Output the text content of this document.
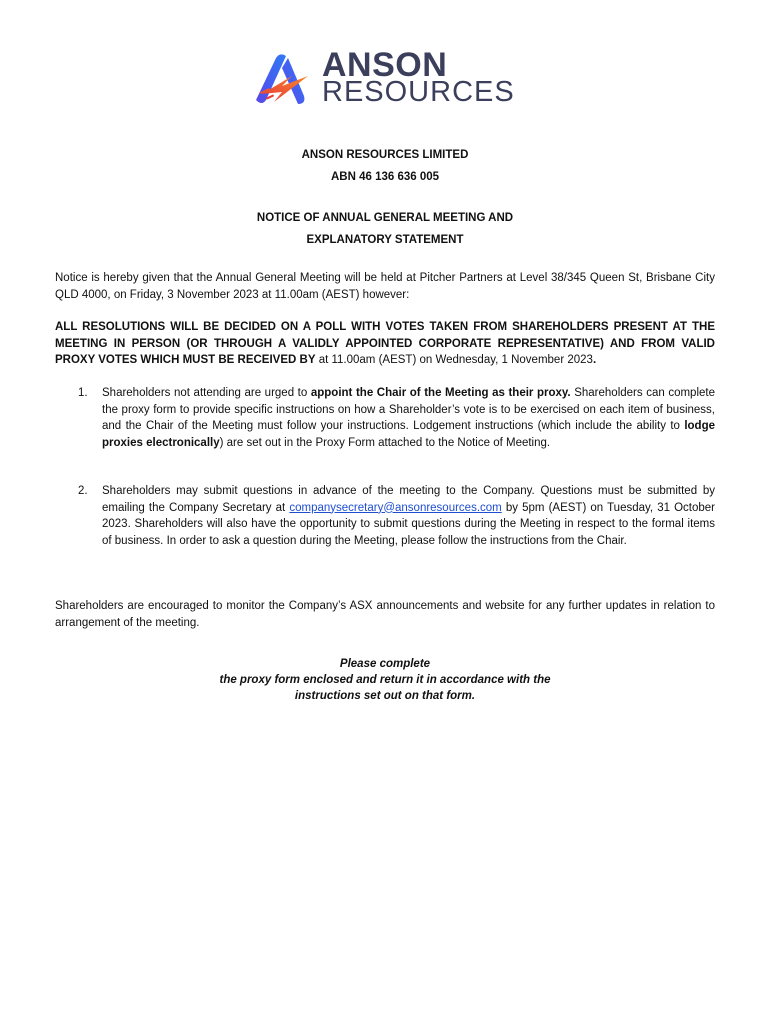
ANSON
RESOURCES
ANSON RESOURCES LIMITED
ABN 46 136 636 005
NOTICE OF ANNUAL GENERAL MEETING AND
EXPLANATORY STATEMENT
Notice is hereby given that the Annual General Meeting will be held at Pitcher Partners at Level 38/345 Queen St, Brisbane City QLD 4000, on Friday, 3 November 2023 at 11.00am (AEST) however:
ALL RESOLUTIONS WILL BE DECIDED ON A POLL WITH VOTES TAKEN FROM SHAREHOLDERS PRESENT AT THE MEETING IN PERSON (OR THROUGH A VALIDLY APPOINTED CORPORATE REPRESENTATIVE) AND FROM VALID PROXY VOTES WHICH MUST BE RECEIVED BY at 11.00am (AEST) on Wednesday, 1 November 2023.
1.	Shareholders not attending are urged to appoint the Chair of the Meeting as their proxy. Shareholders can complete the proxy form to provide specific instructions on how a Shareholder’s vote is to be exercised on each item of business, and the Chair of the Meeting must follow your instructions. Lodgement instructions (which include the ability to lodge proxies electronically) are set out in the Proxy Form attached to the Notice of Meeting.
2.	Shareholders may submit questions in advance of the meeting to the Company. Questions must be submitted by emailing the Company Secretary at companysecretary@ansonresources.com by 5pm (AEST) on Tuesday, 31 October 2023. Shareholders will also have the opportunity to submit questions during the Meeting in respect to the formal items of business. In order to ask a question during the Meeting, please follow the instructions from the Chair.
Shareholders are encouraged to monitor the Company’s ASX announcements and website for any further updates in relation to arrangement of the meeting.
Please complete
the proxy form enclosed and return it in accordance with the
instructions set out on that form.
